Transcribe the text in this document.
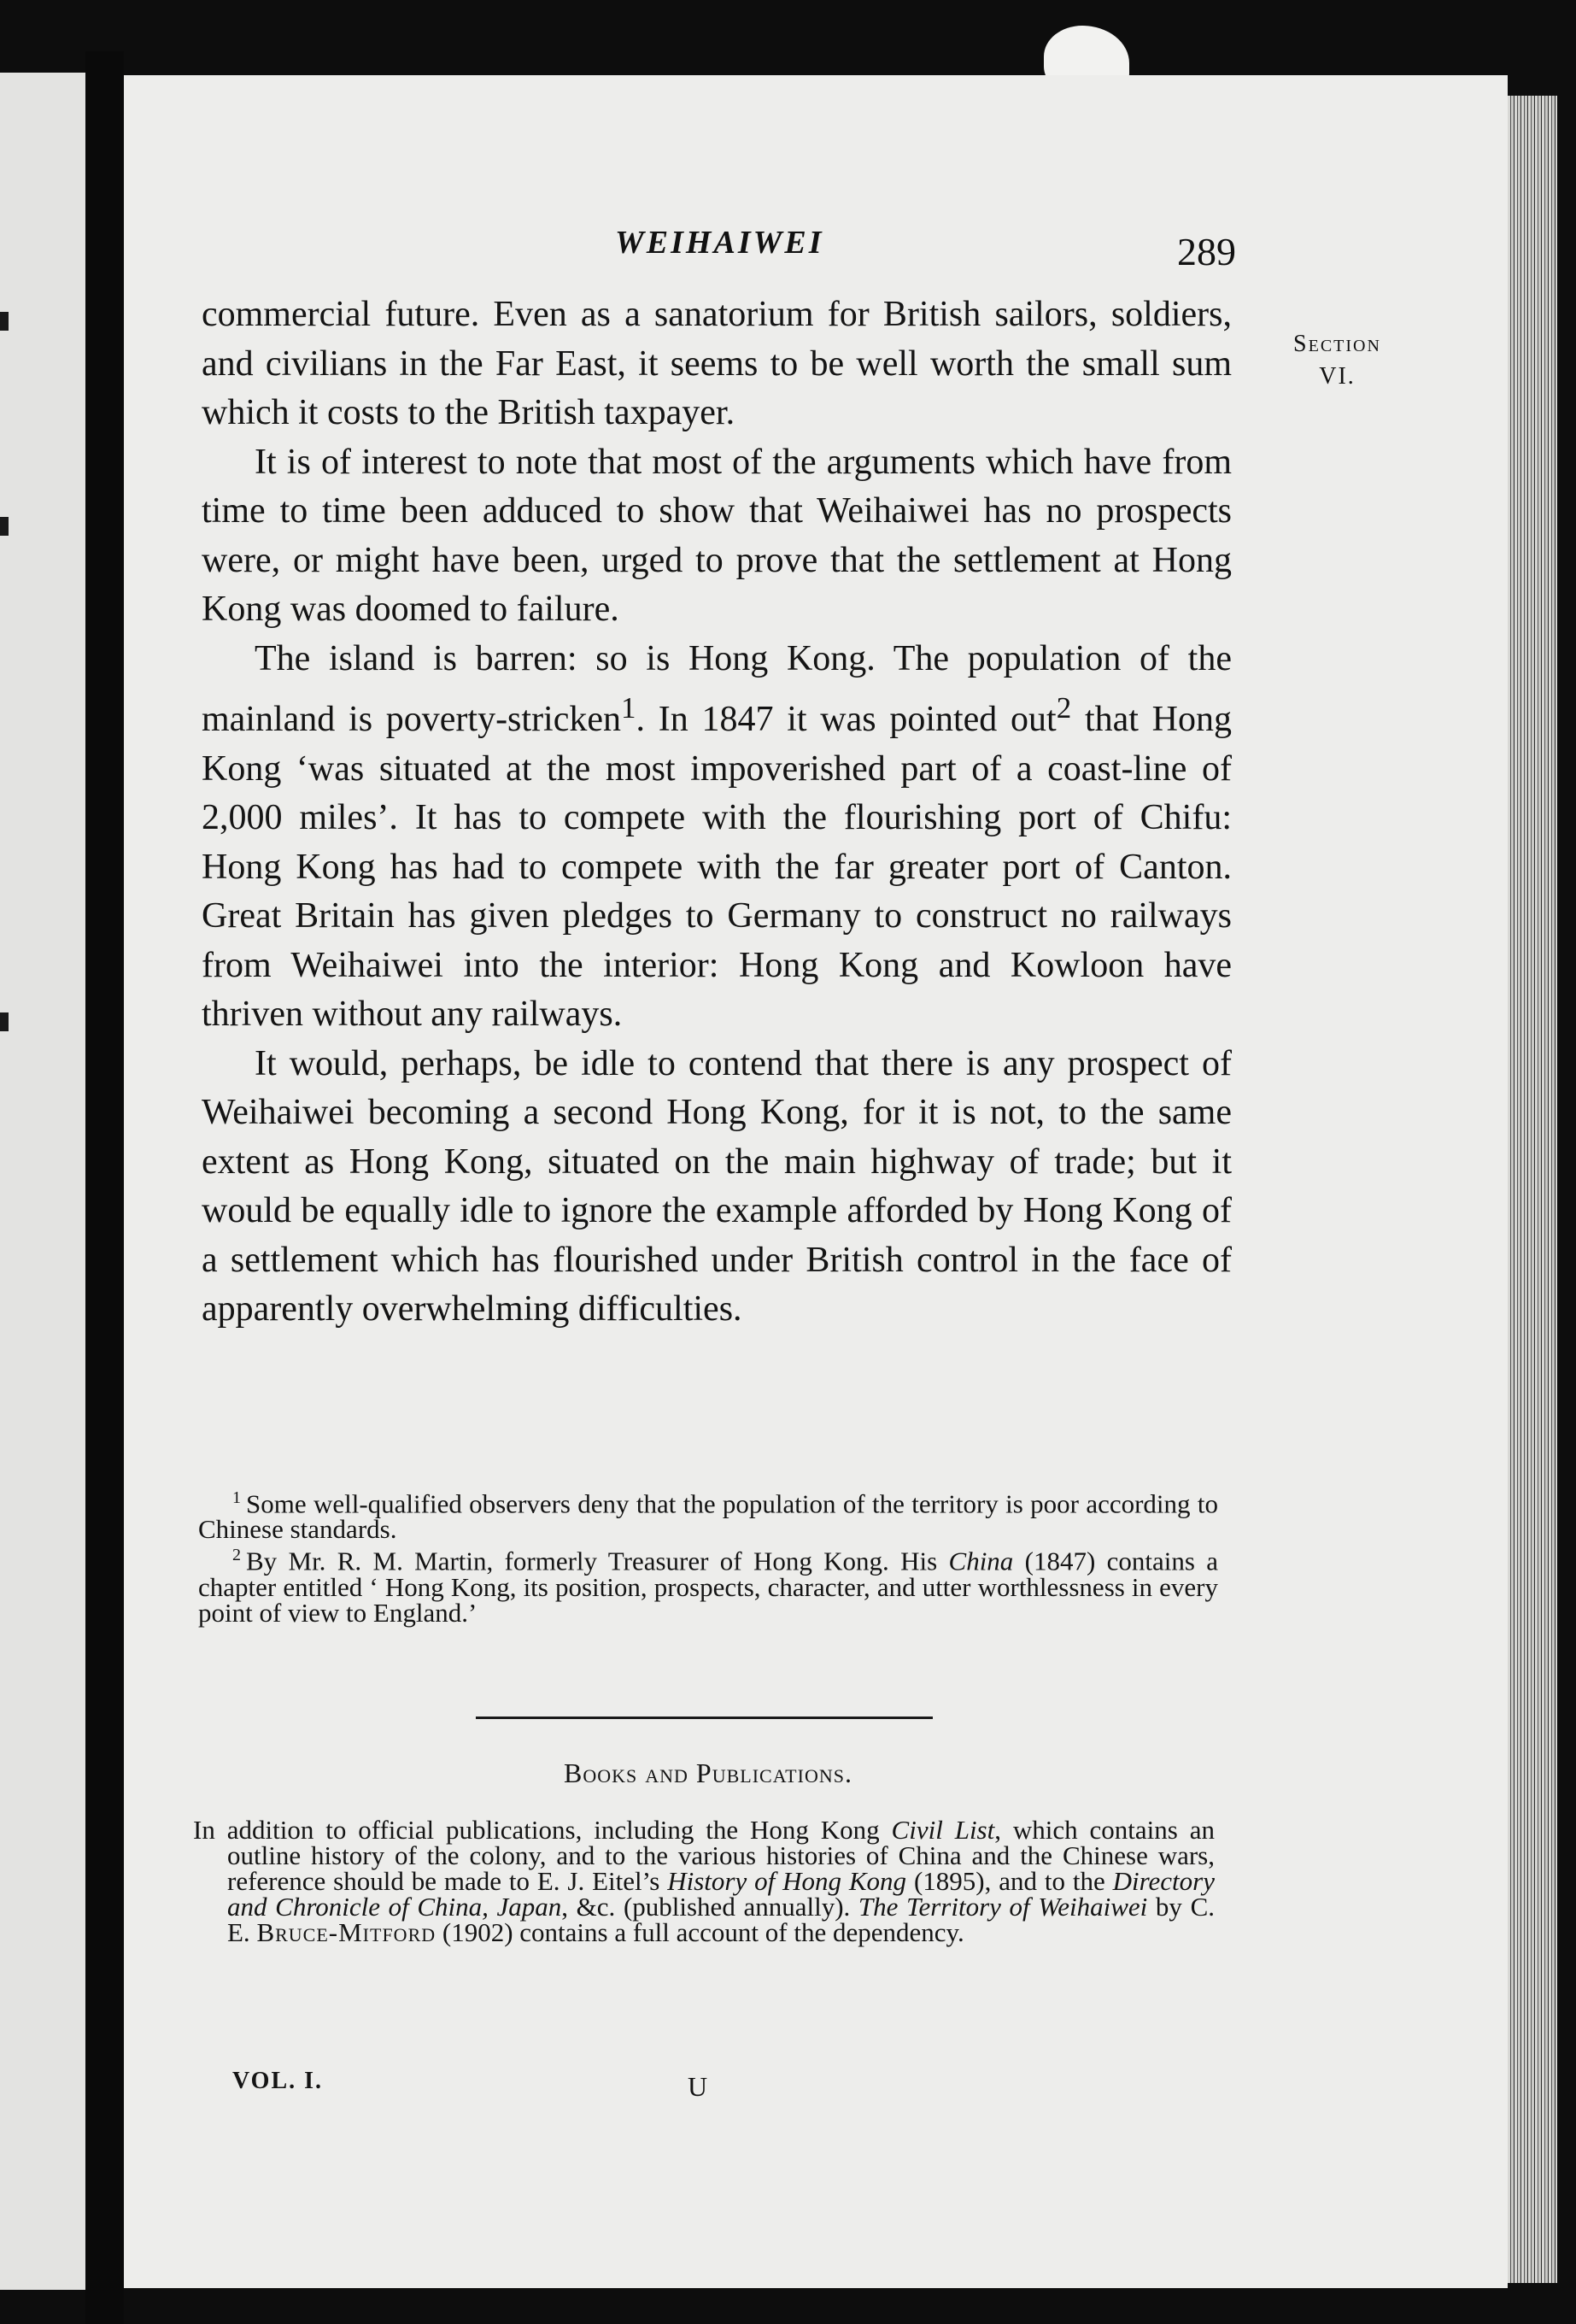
WEIHAIWEI	289
Section
VI.

commercial future. Even as a sanatorium for British sailors, soldiers, and civilians in the Far East, it seems to be well worth the small sum which it costs to the British taxpayer.

It is of interest to note that most of the arguments which have from time to time been adduced to show that Weihaiwei has no prospects were, or might have been, urged to prove that the settlement at Hong Kong was doomed to failure.

The island is barren: so is Hong Kong. The population of the mainland is poverty-stricken$^1$. In 1847 it was pointed out$^2$ that Hong Kong ‘was situated at the most impoverished part of a coast-line of 2,000 miles’. It has to compete with the flourishing port of Chifu: Hong Kong has had to compete with the far greater port of Canton. Great Britain has given pledges to Germany to construct no railways from Weihaiwei into the interior: Hong Kong and Kowloon have thriven without any railways.

It would, perhaps, be idle to contend that there is any prospect of Weihaiwei becoming a second Hong Kong, for it is not, to the same extent as Hong Kong, situated on the main highway of trade; but it would be equally idle to ignore the example afforded by Hong Kong of a settlement which has flourished under British control in the face of apparently overwhelming difficulties.

$^1$ Some well-qualified observers deny that the population of the territory is poor according to Chinese standards.

$^2$ By Mr. R. M. Martin, formerly Treasurer of Hong Kong. His China (1847) contains a chapter entitled ‘ Hong Kong, its position, prospects, character, and utter worthlessness in every point of view to England.’

Books and Publications.

In addition to official publications, including the Hong Kong Civil List, which contains an outline history of the colony, and to the various histories of China and the Chinese wars, reference should be made to E. J. Eitel’s History of Hong Kong (1895), and to the Directory and Chronicle of China, Japan, &c. (published annually). The Territory of Weihaiwei by C. E. Bruce-Mitford (1902) contains a full account of the dependency.

VOL. I.	U
